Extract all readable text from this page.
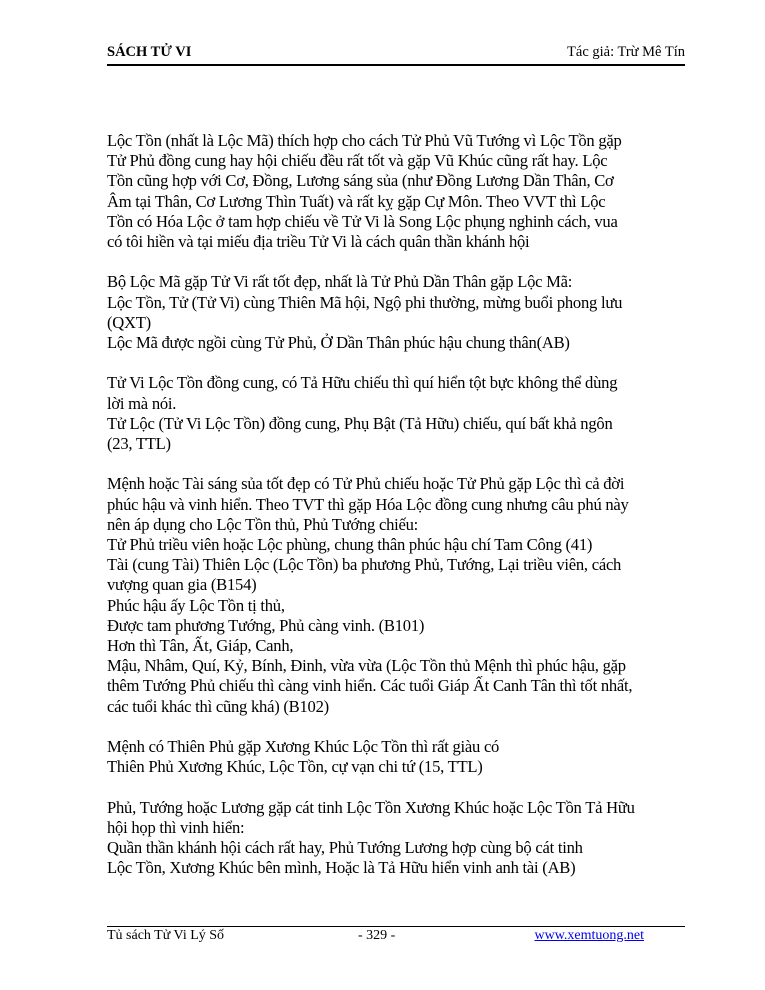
SÁCH TỬ VI	Tác giả: Trừ Mê Tín
Lộc Tồn (nhất là Lộc Mã) thích hợp cho cách Tử Phủ Vũ Tướng vì Lộc Tồn gặp
Tử Phủ đồng cung hay hội chiếu đều rất tốt và gặp Vũ Khúc cũng rất hay. Lộc
Tồn cũng hợp với Cơ, Đồng, Lương sáng sủa (như Đồng Lương Dần Thân, Cơ
Âm tại Thân, Cơ Lương Thìn Tuất) và rất kỵ gặp Cự Môn. Theo VVT thì Lộc
Tồn có Hóa Lộc ở tam hợp chiếu về Tử Vi là Song Lộc phụng nghinh cách, vua
có tôi hiền và tại miếu địa triều Tử Vi là cách quân thần khánh hội
Bộ Lộc Mã gặp Tử Vi rất tốt đẹp, nhất là Tử Phủ Dần Thân gặp Lộc Mã:
Lộc Tồn, Tử (Tử Vi) cùng Thiên Mã hội, Ngộ phi thường, mừng buổi phong lưu
(QXT)
Lộc Mã được ngồi cùng Tử Phủ, Ở Dần Thân phúc hậu chung thân(AB)
Tử Vi Lộc Tồn đồng cung, có Tả Hữu chiếu thì quí hiển tột bực không thể dùng
lời mà nói.
Tử Lộc (Tử Vi Lộc Tồn) đồng cung, Phụ Bật (Tả Hữu) chiếu, quí bất khả ngôn
(23, TTL)
Mệnh hoặc Tài sáng sủa tốt đẹp có Tử Phủ chiếu hoặc Tử Phủ gặp Lộc thì cả đời
phúc hậu và vinh hiển. Theo TVT thì gặp Hóa Lộc đồng cung nhưng câu phú này
nên áp dụng cho Lộc Tồn thủ, Phủ Tướng chiếu:
Tử Phủ triều viên hoặc Lộc phùng, chung thân phúc hậu chí Tam Công (41)
Tài (cung Tài) Thiên Lộc (Lộc Tồn) ba phương Phủ, Tướng, Lại triều viên, cách
vượng quan gia (B154)
Phúc hậu ấy Lộc Tồn tị thủ,
Được tam phương Tướng, Phủ càng vinh. (B101)
Hơn thì Tân, Ất, Giáp, Canh,
Mậu, Nhâm, Quí, Kỷ, Bính, Đinh, vừa vừa (Lộc Tồn thủ Mệnh thì phúc hậu, gặp
thêm Tướng Phủ chiếu thì càng vinh hiển. Các tuổi Giáp Ất Canh Tân thì tốt nhất,
các tuổi khác thì cũng khá) (B102)
Mệnh có Thiên Phủ gặp Xương Khúc Lộc Tồn thì rất giàu có
Thiên Phủ Xương Khúc, Lộc Tồn, cự vạn chi tứ (15, TTL)
Phủ, Tướng hoặc Lương gặp cát tinh Lộc Tồn Xương Khúc hoặc Lộc Tồn Tả Hữu
hội họp thì vinh hiển:
Quần thần khánh hội cách rất hay, Phủ Tướng Lương hợp cùng bộ cát tinh
Lộc Tồn, Xương Khúc bên mình, Hoặc là Tả Hữu hiển vinh anh tài (AB)
Tủ sách Tử Vi Lý Số	- 329 -	www.xemtuong.net
